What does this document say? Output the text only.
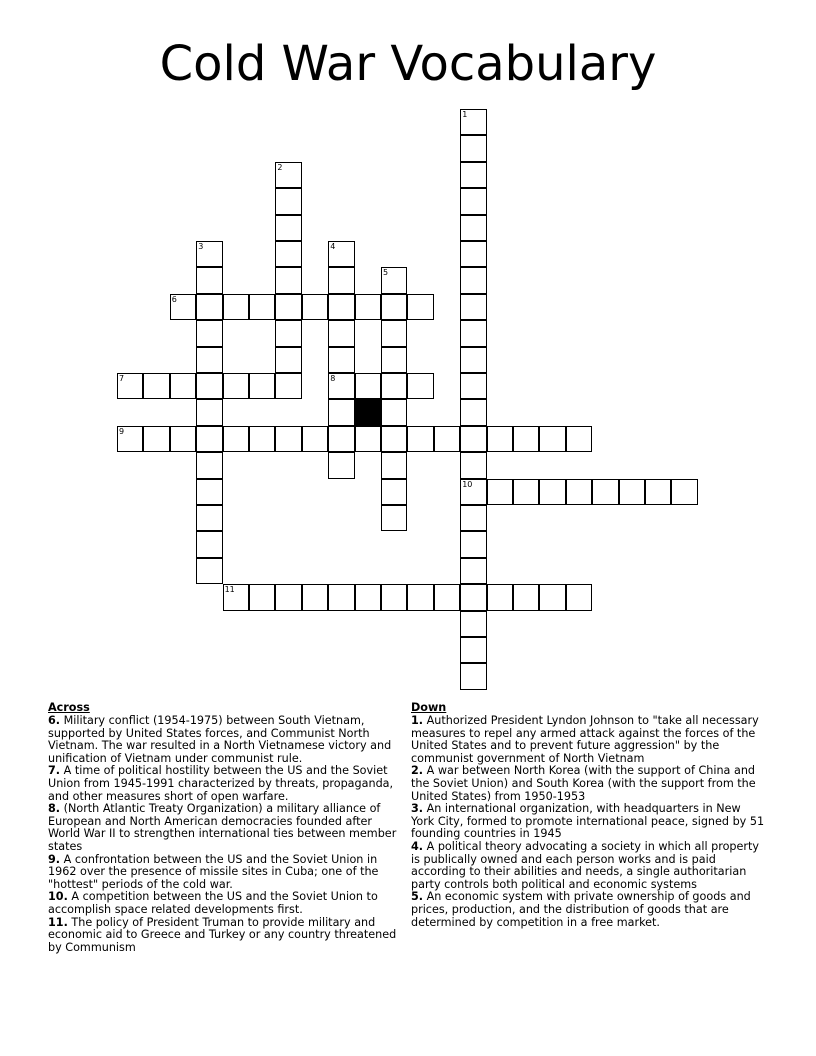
Cold War Vocabulary
6
7	8
9
10
11
1
2
3	4
5
Across
6. Military conflict (1954-1975) between South Vietnam, supported by United States forces, and Communist North Vietnam. The war resulted in a North Vietnamese victory and unification of Vietnam under communist rule.
7. A time of political hostility between the US and the Soviet Union from 1945-1991 characterized by threats, propaganda, and other measures short of open warfare.
8. (North Atlantic Treaty Organization) a military alliance of European and North American democracies founded after World War II to strengthen international ties between member states
9. A confrontation between the US and the Soviet Union in 1962 over the presence of missile sites in Cuba; one of the "hottest" periods of the cold war.
10. A competition between the US and the Soviet Union to accomplish space related developments first.
11. The policy of President Truman to provide military and economic aid to Greece and Turkey or any country threatened by Communism
Down
1. Authorized President Lyndon Johnson to "take all necessary measures to repel any armed attack against the forces of the United States and to prevent future aggression" by the communist government of North Vietnam
2. A war between North Korea (with the support of China and the Soviet Union) and South Korea (with the support from the United States) from 1950-1953
3. An international organization, with headquarters in New York City, formed to promote international peace, signed by 51 founding countries in 1945
4. A political theory advocating a society in which all property is publically owned and each person works and is paid according to their abilities and needs, a single authoritarian party controls both political and economic systems
5. An economic system with private ownership of goods and prices, production, and the distribution of goods that are determined by competition in a free market.
